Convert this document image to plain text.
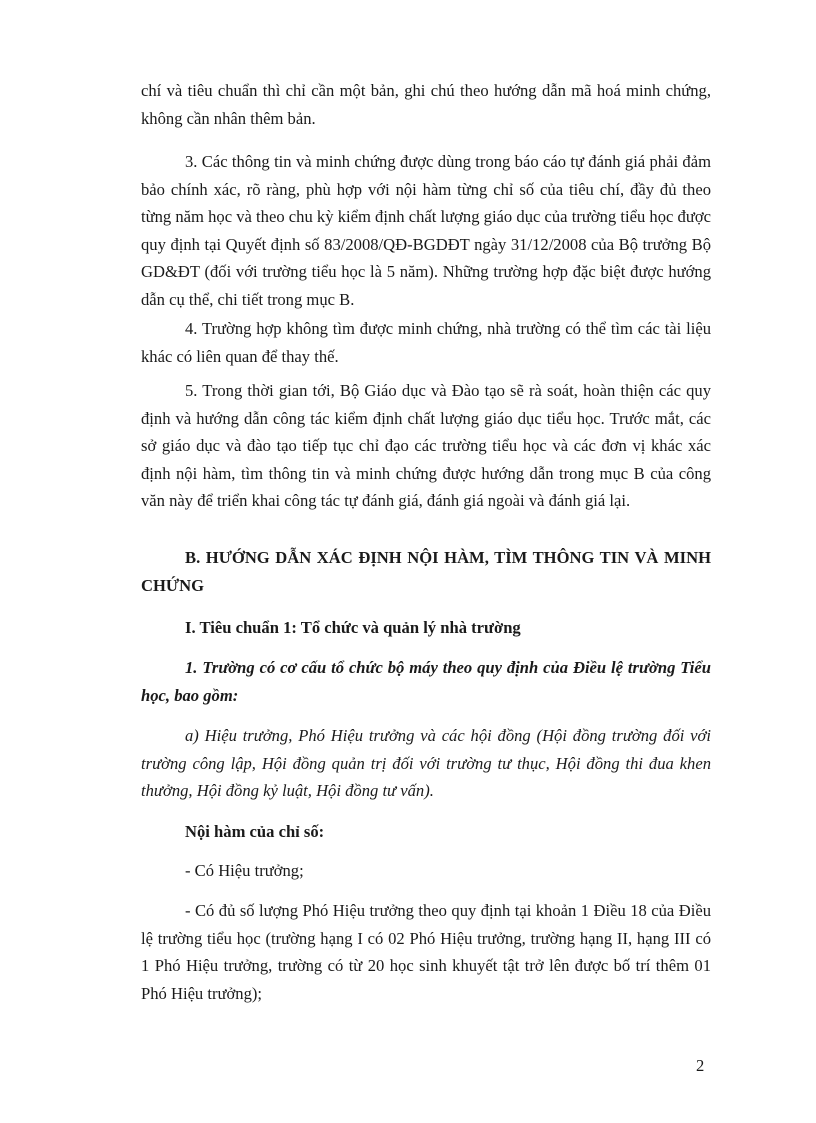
chí và tiêu chuẩn thì chỉ cần một bản, ghi chú theo hướng dẫn mã hoá minh chứng, không cần nhân thêm bản.

3. Các thông tin và minh chứng được dùng trong báo cáo tự đánh giá phải đảm bảo chính xác, rõ ràng, phù hợp với nội hàm từng chỉ số của tiêu chí, đầy đủ theo từng năm học và theo chu kỳ kiểm định chất lượng giáo dục của trường tiểu học được quy định tại Quyết định số 83/2008/QĐ-BGDĐT ngày 31/12/2008 của Bộ trưởng Bộ GD&ĐT (đối với trường tiểu học là 5 năm). Những trường hợp đặc biệt được hướng dẫn cụ thể, chi tiết trong mục B.

4. Trường hợp không tìm được minh chứng, nhà trường có thể tìm các tài liệu khác có liên quan để thay thế.

5. Trong thời gian tới, Bộ Giáo dục và Đào tạo sẽ rà soát, hoàn thiện các quy định và hướng dẫn công tác kiểm định chất lượng giáo dục tiểu học. Trước mắt, các sở giáo dục và đào tạo tiếp tục chỉ đạo các trường tiểu học và các đơn vị khác xác định nội hàm, tìm thông tin và minh chứng được hướng dẫn trong mục B của công văn này để triển khai công tác tự đánh giá, đánh giá ngoài và đánh giá lại.

B. HƯỚNG DẪN XÁC ĐỊNH NỘI HÀM, TÌM THÔNG TIN VÀ MINH CHỨNG

I. Tiêu chuẩn 1: Tổ chức và quản lý nhà trường

1. Trường có cơ cấu tổ chức bộ máy theo quy định của Điều lệ trường Tiểu học, bao gồm:

a) Hiệu trưởng, Phó Hiệu trưởng và các hội đồng (Hội đồng trường đối với trường công lập, Hội đồng quản trị đối với trường tư thục, Hội đồng thi đua khen thưởng, Hội đồng kỷ luật, Hội đồng tư vấn).

Nội hàm của chỉ số:

- Có Hiệu trưởng;

- Có đủ số lượng Phó Hiệu trưởng theo quy định tại khoản 1 Điều 18 của Điều lệ trường tiểu học (trường hạng I có 02 Phó Hiệu trưởng, trường hạng II, hạng III có 1 Phó Hiệu trưởng, trường có từ 20 học sinh khuyết tật trở lên được bố trí thêm 01 Phó Hiệu trưởng);

2
